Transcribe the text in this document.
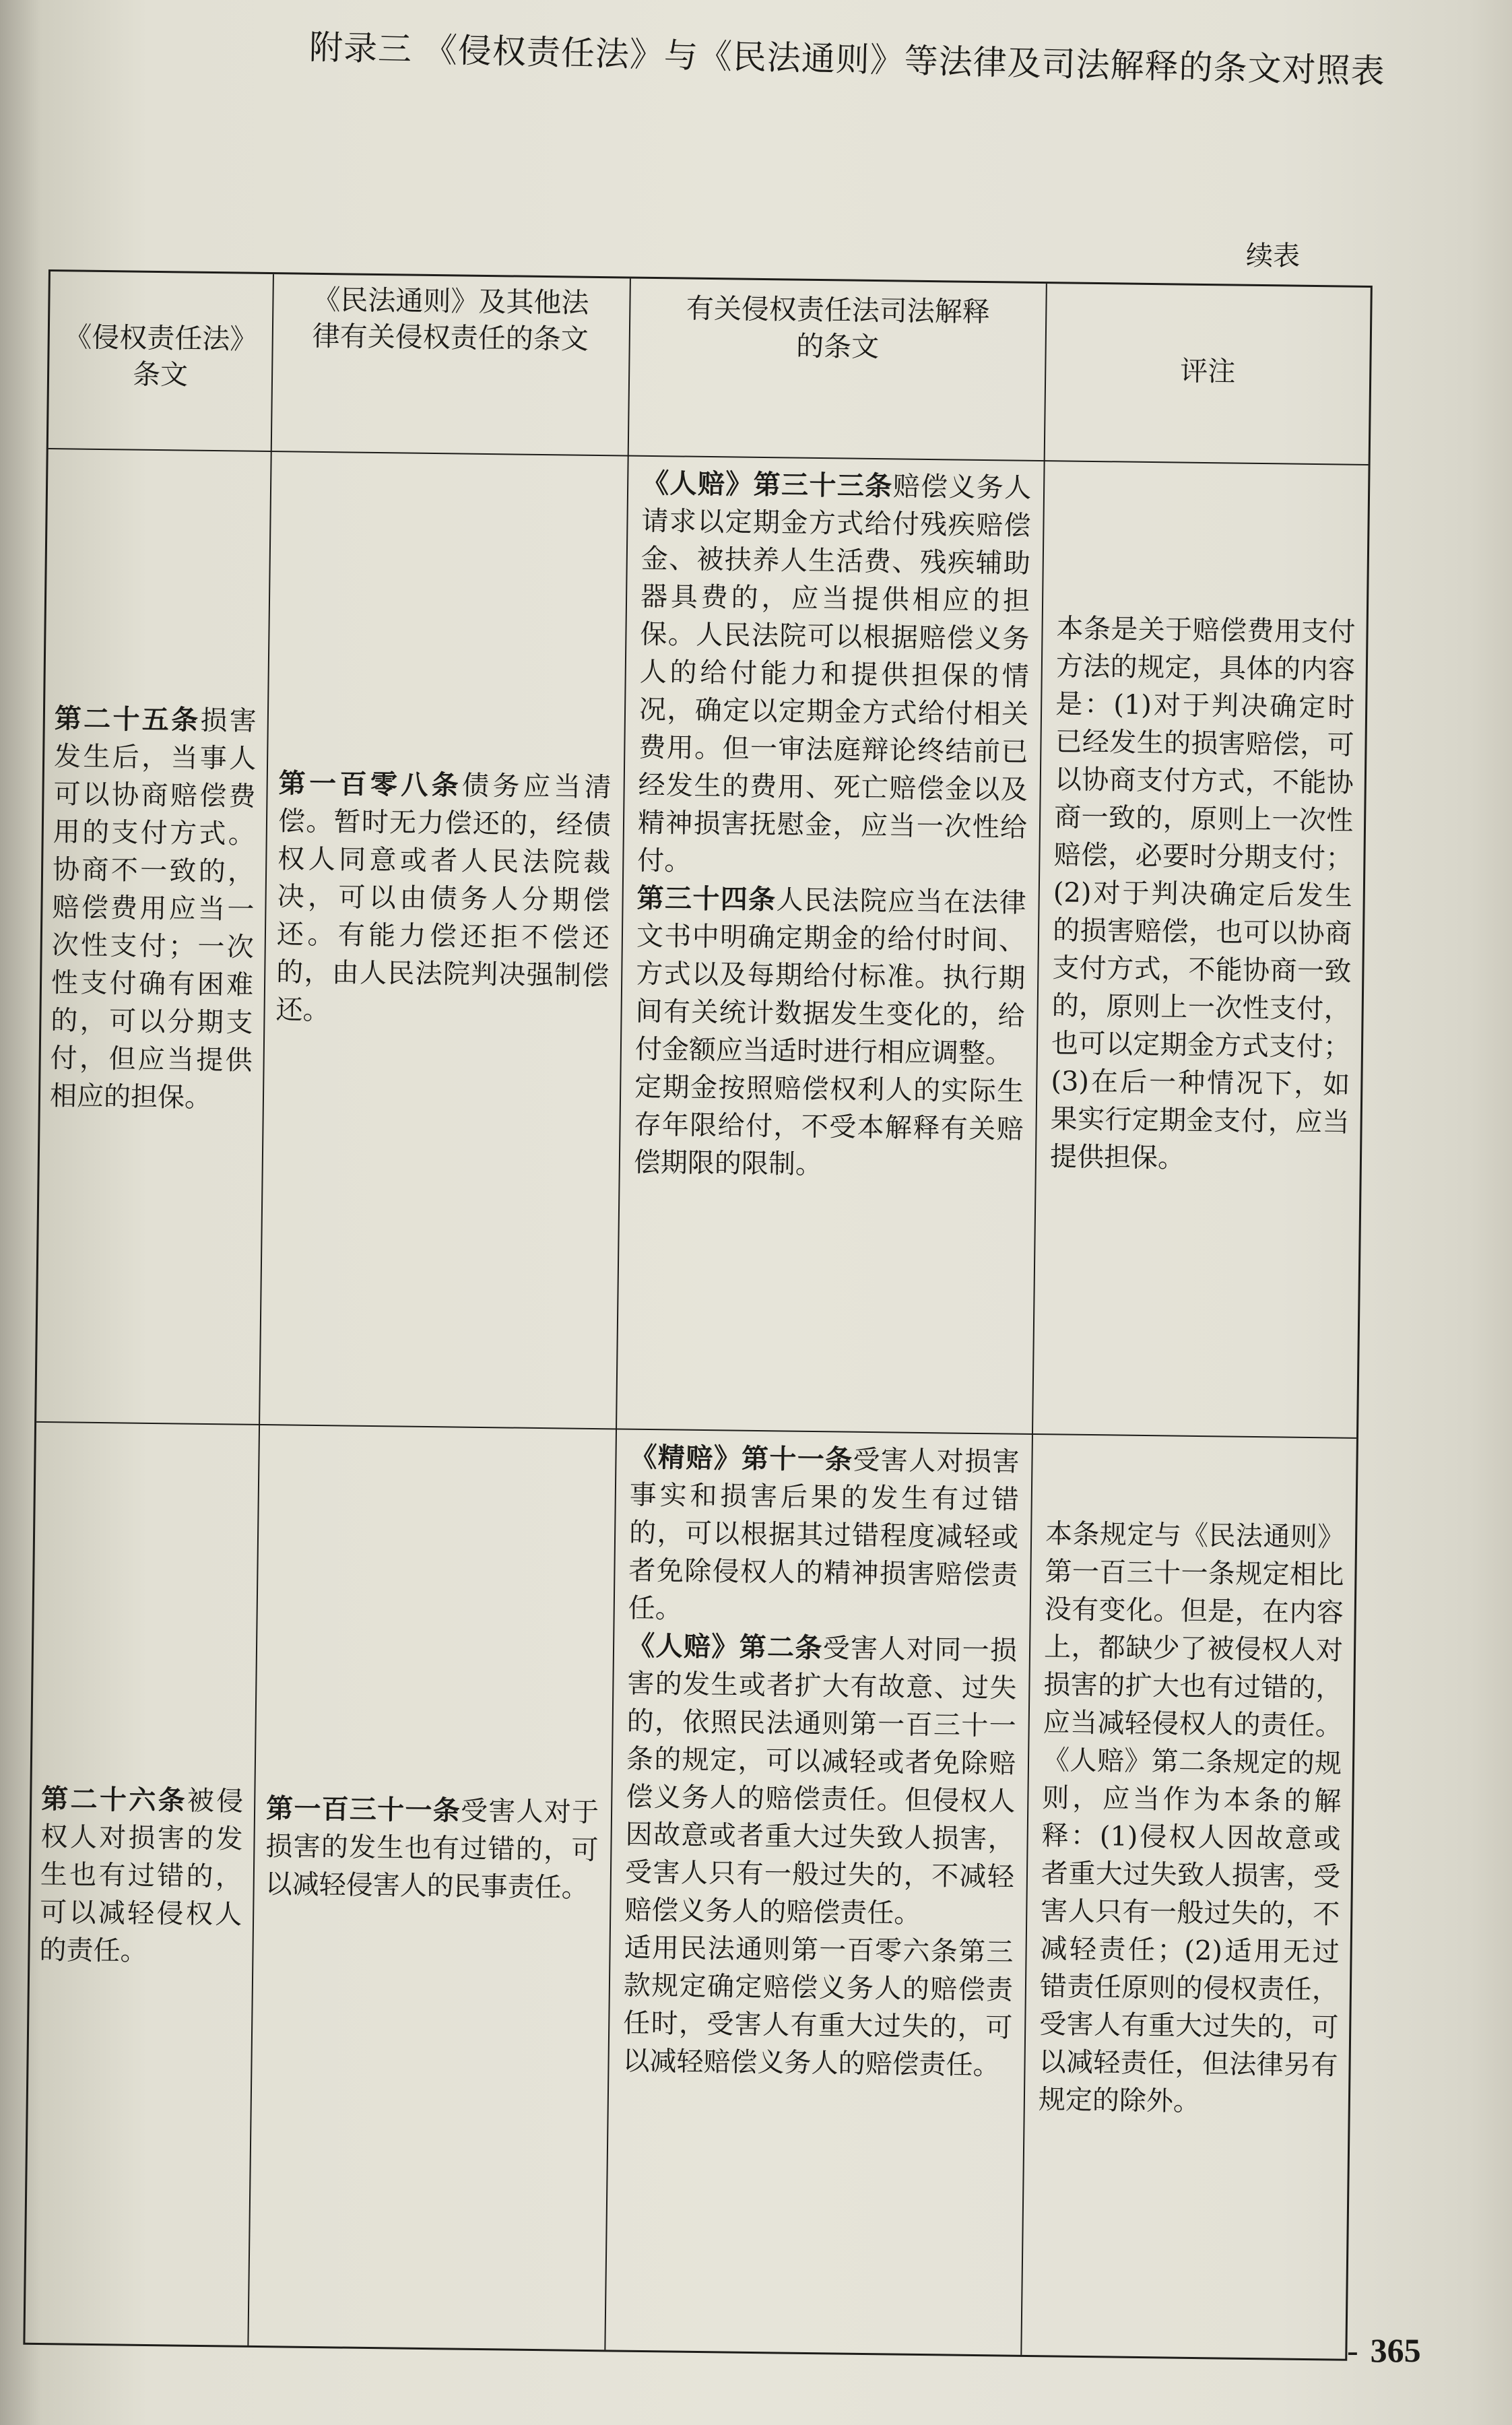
附录三 《侵权责任法》与《民法通则》等法律及司法解释的条文对照表
续表
《侵权责任法》条文
《民法通则》及其他法律有关侵权责任的条文
有关侵权责任法司法解释的条文
评注
第二十五条损害发生后，当事人可以协商赔偿费用的支付方式。协商不一致的，赔偿费用应当一次性支付；一次性支付确有困难的，可以分期支付，但应当提供相应的担保。
第一百零八条债务应当清偿。暂时无力偿还的，经债权人同意或者人民法院裁决，可以由债务人分期偿还。有能力偿还拒不偿还的，由人民法院判决强制偿还。
《人赔》第三十三条赔偿义务人请求以定期金方式给付残疾赔偿金、被扶养人生活费、残疾辅助器具费的，应当提供相应的担保。人民法院可以根据赔偿义务人的给付能力和提供担保的情况，确定以定期金方式给付相关费用。但一审法庭辩论终结前已经发生的费用、死亡赔偿金以及精神损害抚慰金，应当一次性给付。
第三十四条人民法院应当在法律文书中明确定期金的给付时间、方式以及每期给付标准。执行期间有关统计数据发生变化的，给付金额应当适时进行相应调整。
定期金按照赔偿权利人的实际生存年限给付，不受本解释有关赔偿期限的限制。
本条是关于赔偿费用支付方法的规定，具体的内容是：(1)对于判决确定时已经发生的损害赔偿，可以协商支付方式，不能协商一致的，原则上一次性赔偿，必要时分期支付；(2)对于判决确定后发生的损害赔偿，也可以协商支付方式，不能协商一致的，原则上一次性支付，也可以定期金方式支付；(3)在后一种情况下，如果实行定期金支付，应当提供担保。
第二十六条被侵权人对损害的发生也有过错的，可以减轻侵权人的责任。
第一百三十一条受害人对于损害的发生也有过错的，可以减轻侵害人的民事责任。
《精赔》第十一条受害人对损害事实和损害后果的发生有过错的，可以根据其过错程度减轻或者免除侵权人的精神损害赔偿责任。
《人赔》第二条受害人对同一损害的发生或者扩大有故意、过失的，依照民法通则第一百三十一条的规定，可以减轻或者免除赔偿义务人的赔偿责任。但侵权人因故意或者重大过失致人损害，受害人只有一般过失的，不减轻赔偿义务人的赔偿责任。
适用民法通则第一百零六条第三款规定确定赔偿义务人的赔偿责任时，受害人有重大过失的，可以减轻赔偿义务人的赔偿责任。
本条规定与《民法通则》第一百三十一条规定相比没有变化。但是，在内容上，都缺少了被侵权人对损害的扩大也有过错的，应当减轻侵权人的责任。《人赔》第二条规定的规则，应当作为本条的解释：(1)侵权人因故意或者重大过失致人损害，受害人只有一般过失的，不减轻责任；(2)适用无过错责任原则的侵权责任，受害人有重大过失的，可以减轻责任，但法律另有规定的除外。
- 365
